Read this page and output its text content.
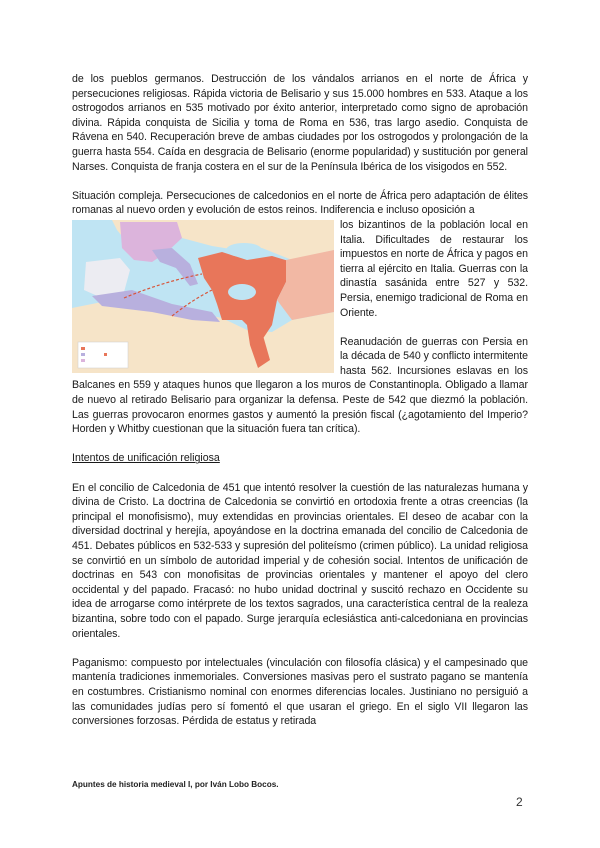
de los pueblos germanos. Destrucción de los vándalos arrianos en el norte de África y persecuciones religiosas. Rápida victoria de Belisario y sus 15.000 hombres en 533. Ataque a los ostrogodos arrianos en 535 motivado por éxito anterior, interpretado como signo de aprobación divina. Rápida conquista de Sicilia y toma de Roma en 536, tras largo asedio. Conquista de Rávena en 540. Recuperación breve de ambas ciudades por los ostrogodos y prolongación de la guerra hasta 554. Caída en desgracia de Belisario (enorme popularidad) y sustitución por general Narses. Conquista de franja costera en el sur de la Península Ibérica de los visigodos en 552.

Situación compleja. Persecuciones de calcedonios en el norte de África pero adaptación de élites romanas al nuevo orden y evolución de estos reinos. Indiferencia e incluso oposición a

los bizantinos de la población local en Italia. Dificultades de restaurar los impuestos en norte de África y pagos en tierra al ejército en Italia. Guerras con la dinastía sasánida entre 527 y 532. Persia, enemigo tradicional de Roma en Oriente.

Reanudación de guerras con Persia en la década de 540 y conflicto intermitente hasta 562. Incursiones eslavas en los Balcanes en 559 y ataques hunos que llegaron a los muros de Constantinopla. Obligado a llamar de nuevo al retirado Belisario para organizar la defensa. Peste de 542 que diezmó la población. Las guerras provocaron enormes gastos y aumentó la presión fiscal (¿agotamiento del Imperio? Horden y Whitby cuestionan que la situación fuera tan crítica).

Intentos de unificación religiosa

En el concilio de Calcedonia de 451 que intentó resolver la cuestión de las naturalezas humana y divina de Cristo. La doctrina de Calcedonia se convirtió en ortodoxia frente a otras creencias (la principal el monofisismo), muy extendidas en provincias orientales. El deseo de acabar con la diversidad doctrinal y herejía, apoyándose en la doctrina emanada del concilio de Calcedonia de 451. Debates públicos en 532-533 y supresión del politeísmo (crimen público). La unidad religiosa se convirtió en un símbolo de autoridad imperial y de cohesión social. Intentos de unificación de doctrinas en 543 con monofisitas de provincias orientales y mantener el apoyo del clero occidental y del papado. Fracasó: no hubo unidad doctrinal y suscitó rechazo en Occidente su idea de arrogarse como intérprete de los textos sagrados, una característica central de la realeza bizantina, sobre todo con el papado. Surge jerarquía eclesiástica anti-calcedoniana en provincias orientales.

Paganismo: compuesto por intelectuales (vinculación con filosofía clásica) y el campesinado que mantenía tradiciones inmemoriales. Conversiones masivas pero el sustrato pagano se mantenía en costumbres. Cristianismo nominal con enormes diferencias locales. Justiniano no persiguió a las comunidades judías pero sí fomentó el que usaran el griego. En el siglo VII llegaron las conversiones forzosas. Pérdida de estatus y retirada

Apuntes de historia medieval I, por Iván Lobo Bocos.
2
